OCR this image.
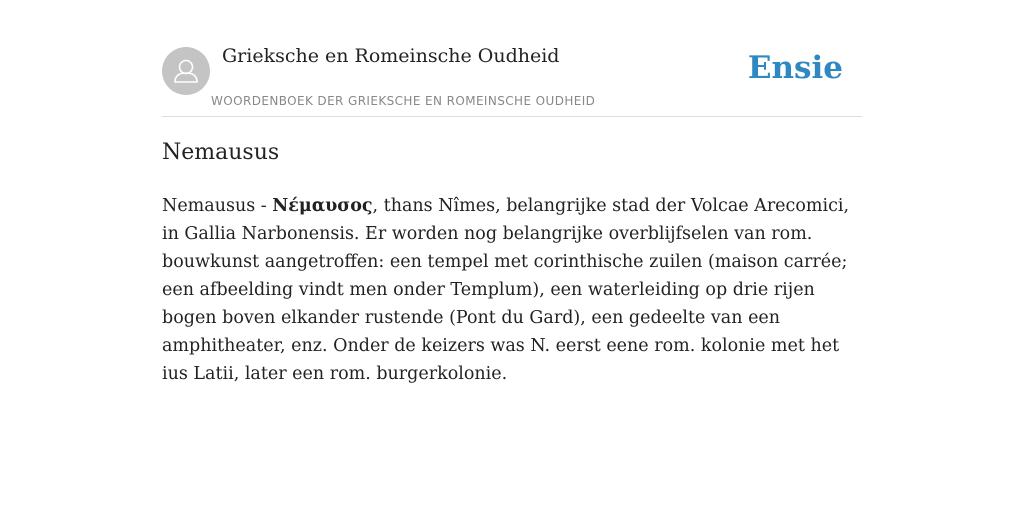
Grieksche en Romeinsche Oudheid
WOORDENBOEK DER GRIEKSCHE EN ROMEINSCHE OUDHEID
Ensie
Nemausus

Nemausus - Νέμαυσος, thans Nîmes, belangrijke stad der Volcae Arecomici, in Gallia Narbonensis. Er worden nog belangrijke overblijfselen van rom. bouwkunst aangetroffen: een tempel met corinthische zuilen (maison carrée; een afbeelding vindt men onder Templum), een waterleiding op drie rijen bogen boven elkander rustende (Pont du Gard), een gedeelte van een amphitheater, enz. Onder de keizers was N. eerst eene rom. kolonie met het ius Latii, later een rom. burgerkolonie.
